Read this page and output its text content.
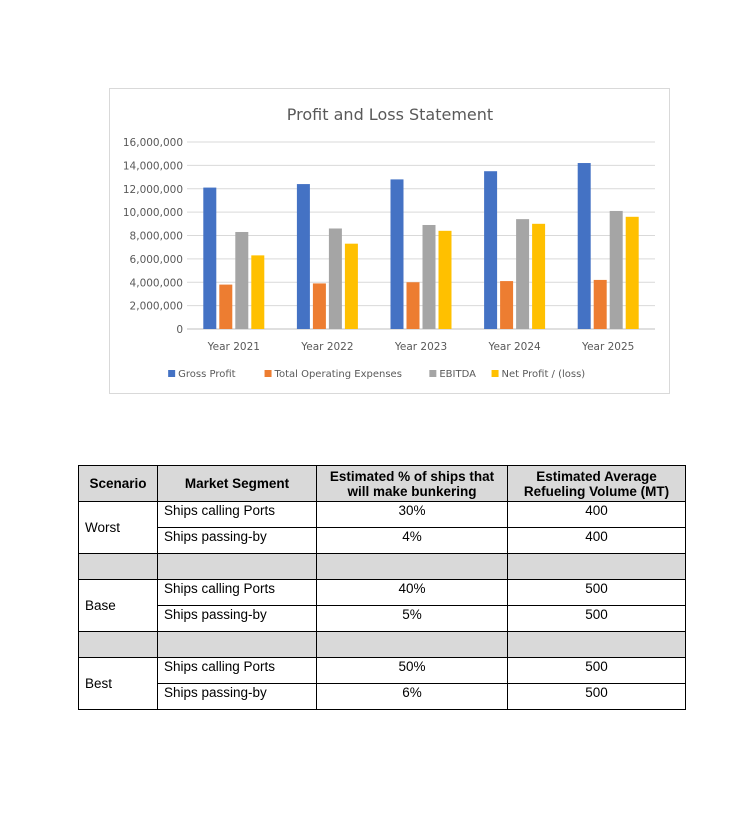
Profit and Loss Statement
0
2,000,000
4,000,000
6,000,000
8,000,000
10,000,000
12,000,000
14,000,000
16,000,000
Year 2021	Year 2022	Year 2023	Year 2024	Year 2025
Gross Profit	Total Operating Expenses	EBITDA	Net Profit / (loss)
Scenario	Market Segment	Estimated % of ships that will make bunkering	Estimated Average Refueling Volume (MT)
Worst	Ships calling Ports	30%	400
	Ships passing-by	4%	400

Base	Ships calling Ports	40%	500
	Ships passing-by	5%	500

Best	Ships calling Ports	50%	500
	Ships passing-by	6%	500
